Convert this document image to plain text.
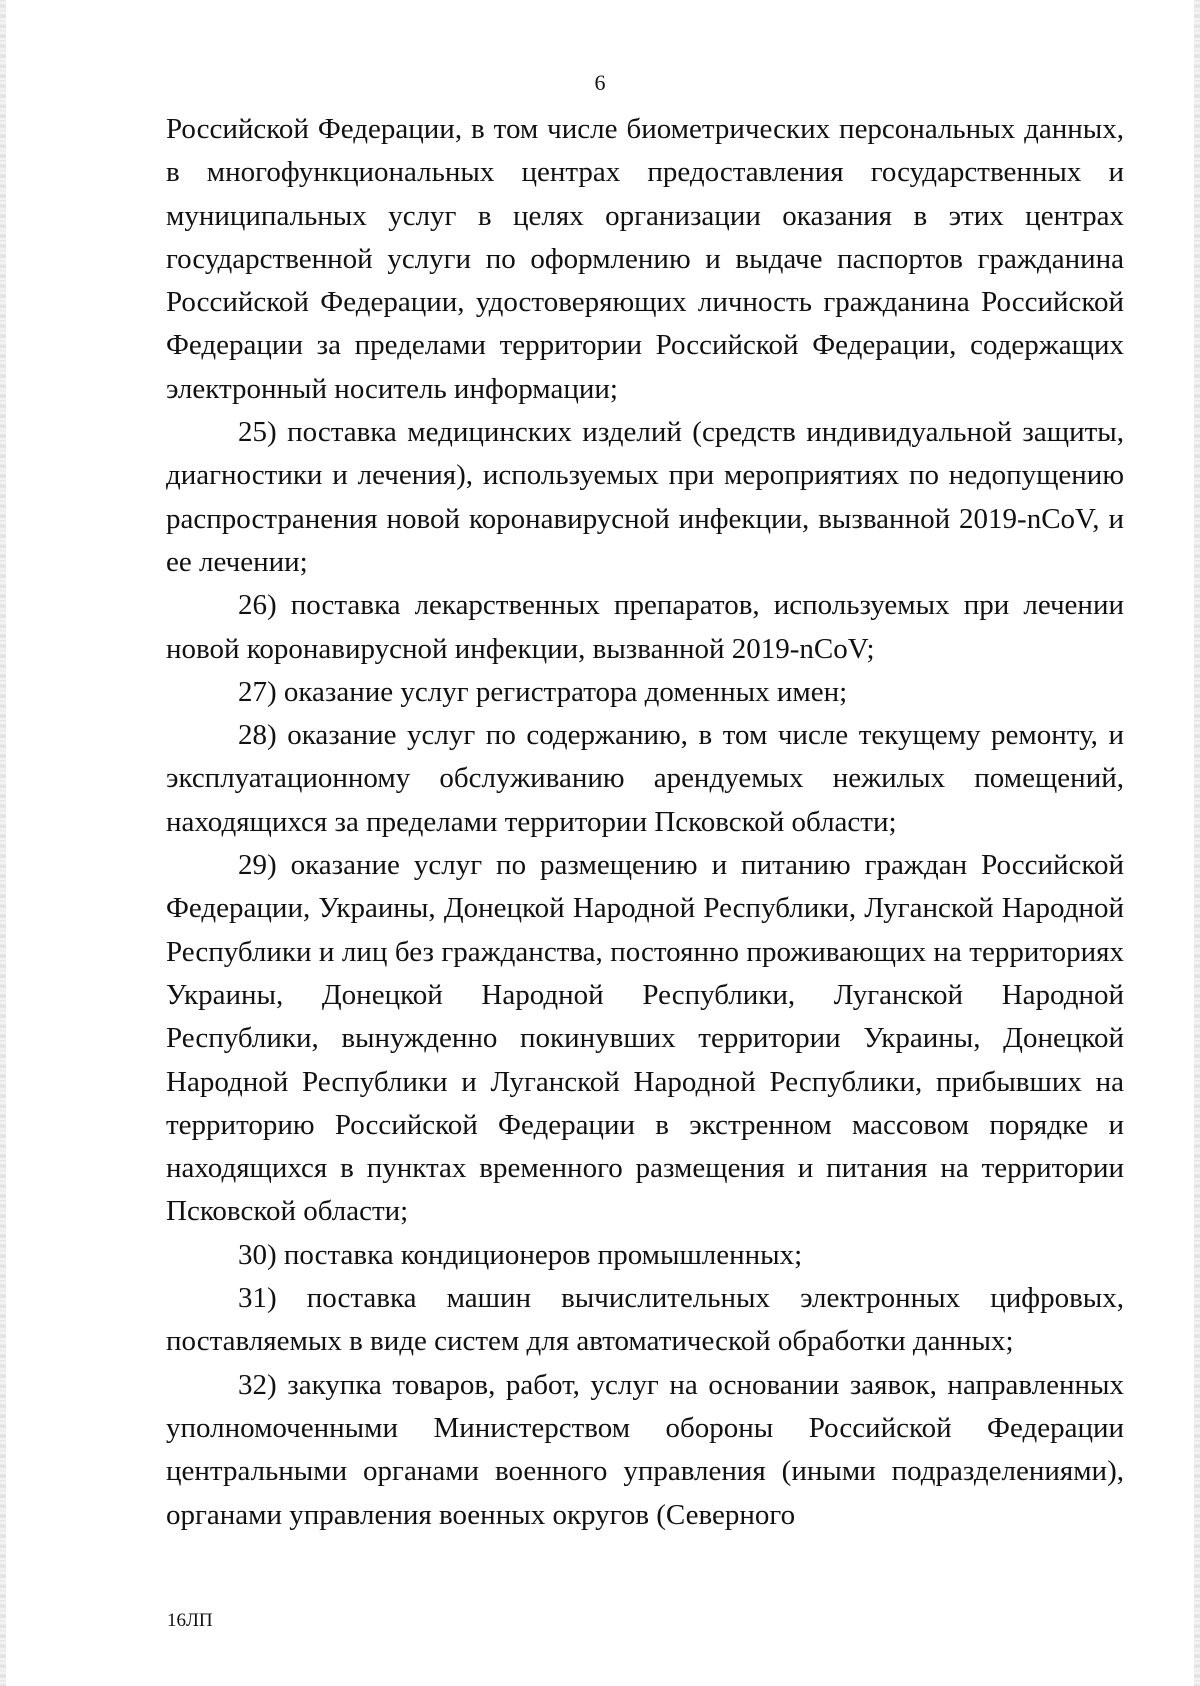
6

Российской Федерации, в том числе биометрических персональных данных, в многофункциональных центрах предоставления государственных и муниципальных услуг в целях организации оказания в этих центрах государственной услуги по оформлению и выдаче паспортов гражданина Российской Федерации, удостоверяющих личность гражданина Российской Федерации за пределами территории Российской Федерации, содержащих электронный носитель информации;

25) поставка медицинских изделий (средств индивидуальной защиты, диагностики и лечения), используемых при мероприятиях по недопущению распространения новой коронавирусной инфекции, вызванной 2019-nCoV, и ее лечении;

26) поставка лекарственных препаратов, используемых при лечении новой коронавирусной инфекции, вызванной 2019-nCoV;

27) оказание услуг регистратора доменных имен;

28) оказание услуг по содержанию, в том числе текущему ремонту, и эксплуатационному обслуживанию арендуемых нежилых помещений, находящихся за пределами территории Псковской области;

29) оказание услуг по размещению и питанию граждан Российской Федерации, Украины, Донецкой Народной Республики, Луганской Народной Республики и лиц без гражданства, постоянно проживающих на территориях Украины, Донецкой Народной Республики, Луганской Народной Республики, вынужденно покинувших территории Украины, Донецкой Народной Республики и Луганской Народной Республики, прибывших на территорию Российской Федерации в экстренном массовом порядке и находящихся в пунктах временного размещения и питания на территории Псковской области;

30) поставка кондиционеров промышленных;

31) поставка машин вычислительных электронных цифровых, поставляемых в виде систем для автоматической обработки данных;

32) закупка товаров, работ, услуг на основании заявок, направленных уполномоченными Министерством обороны Российской Федерации центральными органами военного управления (иными подразделениями), органами управления военных округов (Северного

16ЛП
